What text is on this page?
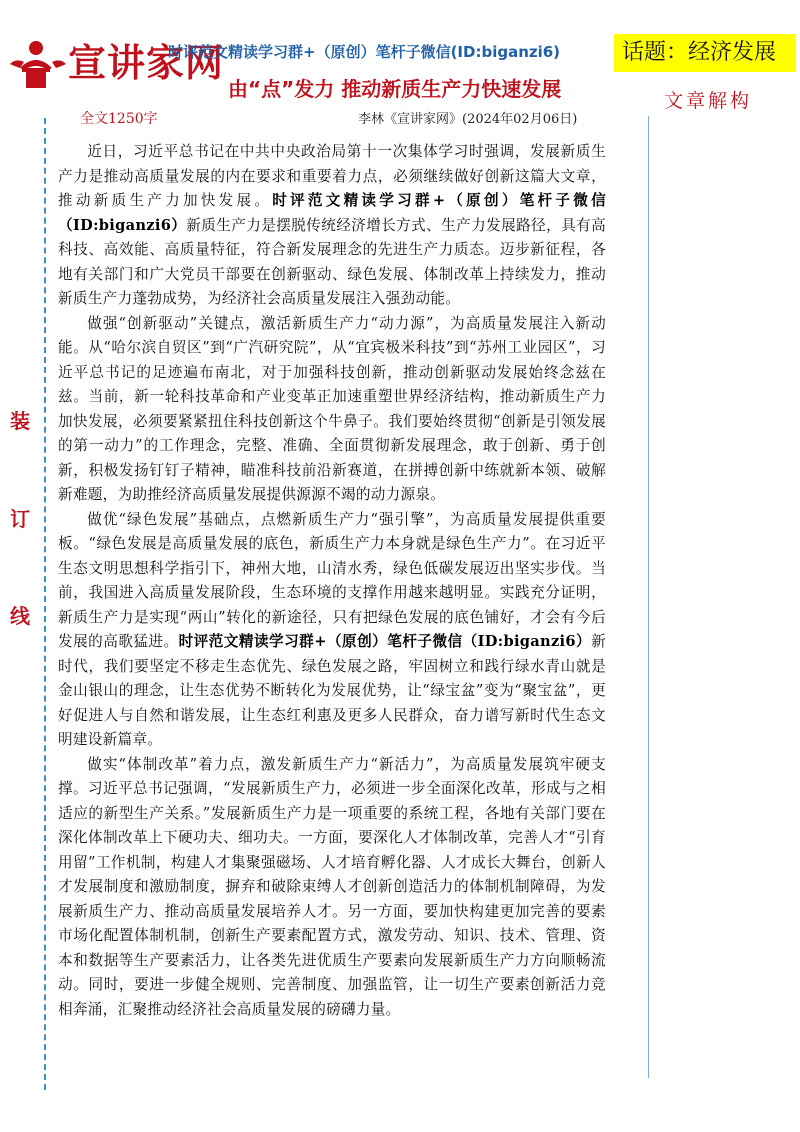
宣讲家网
时评范文精读学习群+（原创）笔杆子微信(ID:biganzi6)	话题：经济发展
由“点”发力 推动新质生产力快速发展	文章解构
全文1250字	李林《宣讲家网》(2024年02月06日)
装
订
线

近日，习近平总书记在中共中央政治局第十一次集体学习时强调，发展新质生产力是推动高质量发展的内在要求和重要着力点，必须继续做好创新这篇大文章，推动新质生产力加快发展。时评范文精读学习群+（原创）笔杆子微信（ID:biganzi6）新质生产力是摆脱传统经济增长方式、生产力发展路径，具有高科技、高效能、高质量特征，符合新发展理念的先进生产力质态。迈步新征程，各地有关部门和广大党员干部要在创新驱动、绿色发展、体制改革上持续发力，推动新质生产力蓬勃成势，为经济社会高质量发展注入强劲动能。

做强“创新驱动”关键点，激活新质生产力“动力源”，为高质量发展注入新动能。从“哈尔滨自贸区”到“广汽研究院”，从“宜宾极米科技”到“苏州工业园区”，习近平总书记的足迹遍布南北，对于加强科技创新，推动创新驱动发展始终念兹在兹。当前，新一轮科技革命和产业变革正加速重塑世界经济结构，推动新质生产力加快发展，必须要紧紧扭住科技创新这个牛鼻子。我们要始终贯彻“创新是引领发展的第一动力”的工作理念，完整、准确、全面贯彻新发展理念，敢于创新、勇于创新，积极发扬钉钉子精神，瞄准科技前沿新赛道，在拼搏创新中练就新本领、破解新难题，为助推经济高质量发展提供源源不竭的动力源泉。

做优“绿色发展”基础点，点燃新质生产力“强引擎”，为高质量发展提供重要板。“绿色发展是高质量发展的底色，新质生产力本身就是绿色生产力”。在习近平生态文明思想科学指引下，神州大地，山清水秀，绿色低碳发展迈出坚实步伐。当前，我国进入高质量发展阶段，生态环境的支撑作用越来越明显。实践充分证明，新质生产力是实现“两山”转化的新途径，只有把绿色发展的底色铺好，才会有今后发展的高歌猛进。时评范文精读学习群+（原创）笔杆子微信（ID:biganzi6）新时代，我们要坚定不移走生态优先、绿色发展之路，牢固树立和践行绿水青山就是金山银山的理念，让生态优势不断转化为发展优势，让“绿宝盆”变为“聚宝盆”，更好促进人与自然和谐发展，让生态红利惠及更多人民群众，奋力谱写新时代生态文明建设新篇章。

做实“体制改革”着力点，激发新质生产力“新活力”，为高质量发展筑牢硬支撑。习近平总书记强调，“发展新质生产力，必须进一步全面深化改革，形成与之相适应的新型生产关系。”发展新质生产力是一项重要的系统工程，各地有关部门要在深化体制改革上下硬功夫、细功夫。一方面，要深化人才体制改革，完善人才“引育用留”工作机制，构建人才集聚强磁场、人才培育孵化器、人才成长大舞台，创新人才发展制度和激励制度，摒弃和破除束缚人才创新创造活力的体制机制障碍，为发展新质生产力、推动高质量发展培养人才。另一方面，要加快构建更加完善的要素市场化配置体制机制，创新生产要素配置方式，激发劳动、知识、技术、管理、资本和数据等生产要素活力，让各类先进优质生产要素向发展新质生产力方向顺畅流动。同时，要进一步健全规则、完善制度、加强监管，让一切生产要素创新活力竞相奔涌，汇聚推动经济社会高质量发展的磅礴力量。
